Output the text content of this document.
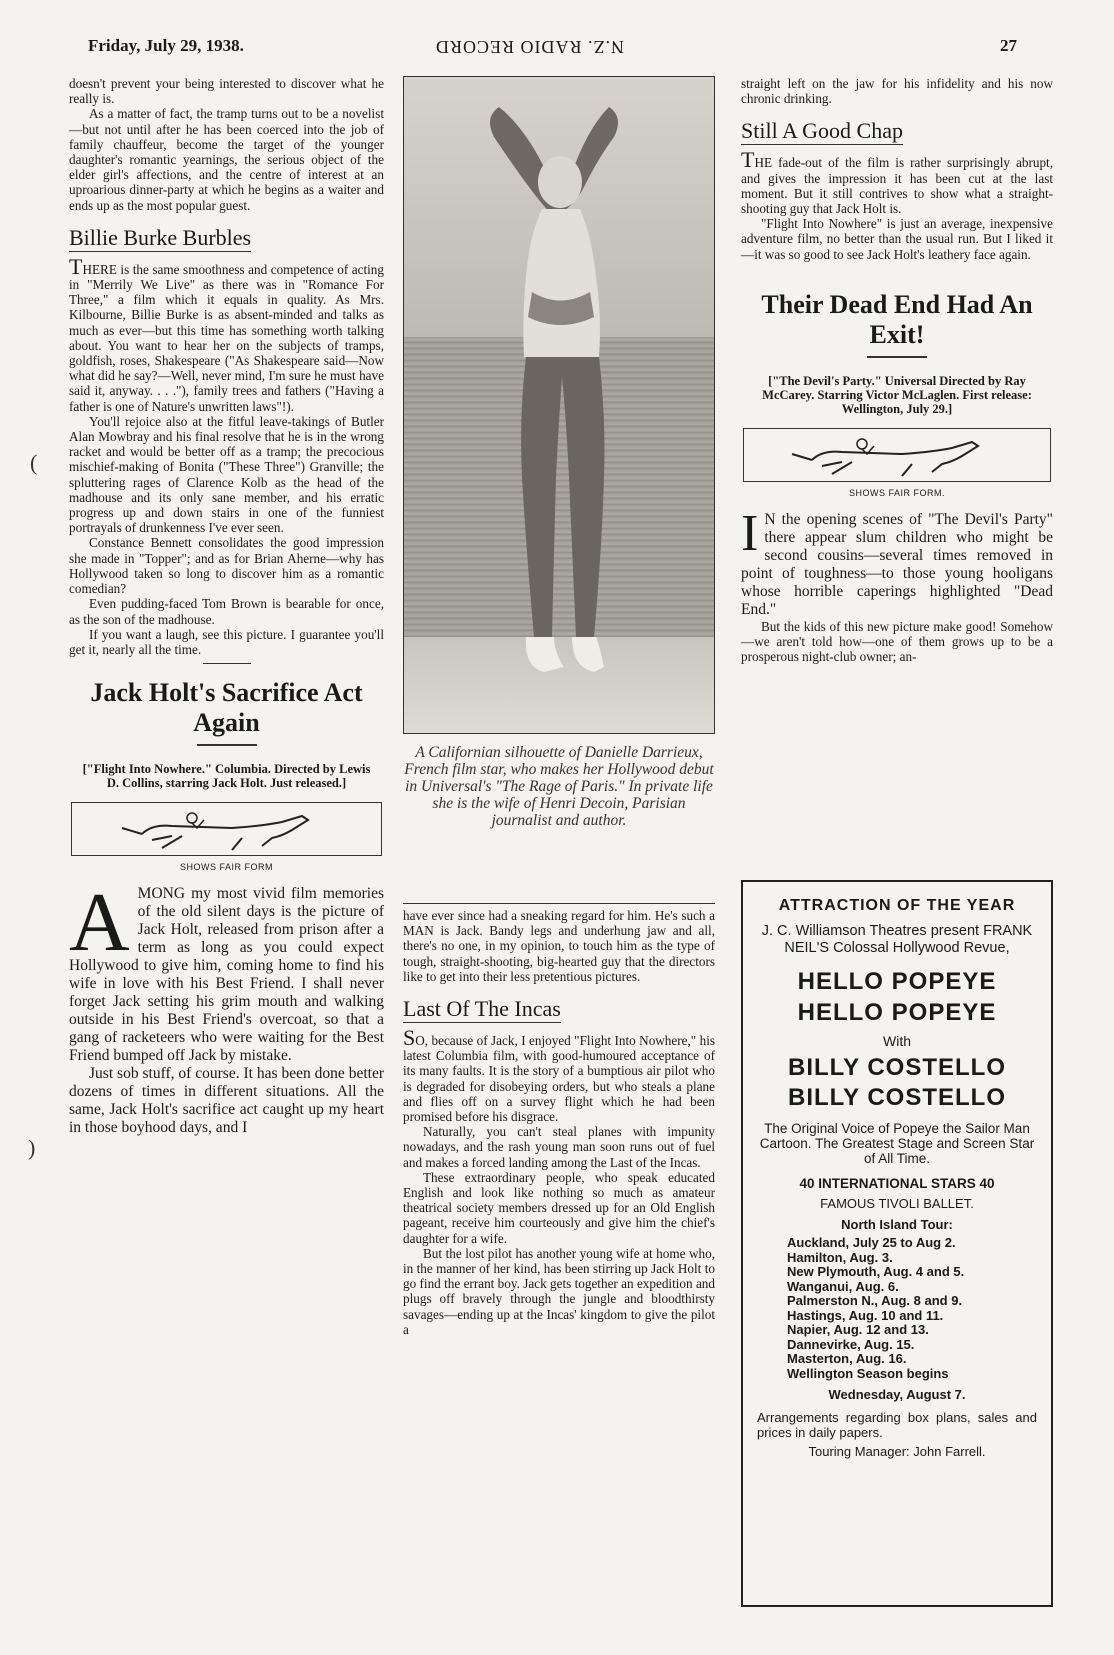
Friday, July 29, 1938.	N.Z. RADIO RECORD	27
(
)

doesn't prevent your being interested to discover what he really is.

As a matter of fact, the tramp turns out to be a novelist—but not until after he has been coerced into the job of family chauffeur, become the target of the younger daughter's romantic yearnings, the serious object of the elder girl's affections, and the centre of interest at an uproarious dinner-party at which he begins as a waiter and ends up as the most popular guest.

Billie Burke Burbles

THERE is the same smoothness and competence of acting in "Merrily We Live" as there was in "Romance For Three," a film which it equals in quality. As Mrs. Kilbourne, Billie Burke is as absent-minded and talks as much as ever—but this time has something worth talking about. You want to hear her on the subjects of tramps, goldfish, roses, Shakespeare ("As Shakespeare said—Now what did he say?—Well, never mind, I'm sure he must have said it, anyway. . . ."), family trees and fathers ("Having a father is one of Nature's unwritten laws"!).

You'll rejoice also at the fitful leave-takings of Butler Alan Mowbray and his final resolve that he is in the wrong racket and would be better off as a tramp; the precocious mischief-making of Bonita ("These Three") Granville; the spluttering rages of Clarence Kolb as the head of the madhouse and its only sane member, and his erratic progress up and down stairs in one of the funniest portrayals of drunkenness I've ever seen.

Constance Bennett consolidates the good impression she made in "Topper"; and as for Brian Aherne—why has Hollywood taken so long to discover him as a romantic comedian?

Even pudding-faced Tom Brown is bearable for once, as the son of the madhouse.

If you want a laugh, see this picture. I guarantee you'll get it, nearly all the time.

Jack Holt's Sacrifice Act Again
["Flight Into Nowhere." Columbia. Directed by Lewis D. Collins, starring Jack Holt. Just released.]
SHOWS FAIR FORM

AMONG my most vivid film memories of the old silent days is the picture of Jack Holt, released from prison after a term as long as you could expect Hollywood to give him, coming home to find his wife in love with his Best Friend. I shall never forget Jack setting his grim mouth and walking outside in his Best Friend's overcoat, so that a gang of racketeers who were waiting for the Best Friend bumped off Jack by mistake.

Just sob stuff, of course. It has been done better dozens of times in different situations. All the same, Jack Holt's sacrifice act caught up my heart in those boyhood days, and I

A Californian silhouette of Danielle Darrieux, French film star, who makes her Hollywood debut in Universal's "The Rage of Paris." In private life she is the wife of Henri Decoin, Parisian journalist and author.

have ever since had a sneaking regard for him. He's such a MAN is Jack. Bandy legs and underhung jaw and all, there's no one, in my opinion, to touch him as the type of tough, straight-shooting, big-hearted guy that the directors like to get into their less pretentious pictures.

Last Of The Incas

SO, because of Jack, I enjoyed "Flight Into Nowhere," his latest Columbia film, with good-humoured acceptance of its many faults. It is the story of a bumptious air pilot who is degraded for disobeying orders, but who steals a plane and flies off on a survey flight which he had been promised before his disgrace.

Naturally, you can't steal planes with impunity nowadays, and the rash young man soon runs out of fuel and makes a forced landing among the Last of the Incas.

These extraordinary people, who speak educated English and look like nothing so much as amateur theatrical society members dressed up for an Old English pageant, receive him courteously and give him the chief's daughter for a wife.

But the lost pilot has another young wife at home who, in the manner of her kind, has been stirring up Jack Holt to go find the errant boy. Jack gets together an expedition and plugs off bravely through the jungle and bloodthirsty savages—ending up at the Incas' kingdom to give the pilot a

straight left on the jaw for his infidelity and his now chronic drinking.

Still A Good Chap

THE fade-out of the film is rather surprisingly abrupt, and gives the impression it has been cut at the last moment. But it still contrives to show what a straight-shooting guy that Jack Holt is.

"Flight Into Nowhere" is just an average, inexpensive adventure film, no better than the usual run. But I liked it—it was so good to see Jack Holt's leathery face again.

Their Dead End Had An Exit!
["The Devil's Party." Universal Directed by Ray McCarey. Starring Victor McLaglen. First release: Wellington, July 29.]
SHOWS FAIR FORM.

I N the opening scenes of "The Devil's Party" there appear slum children who might be second cousins—several times removed in point of toughness—to those young hooligans whose horrible caperings highlighted "Dead End."

But the kids of this new picture make good! Somehow—we aren't told how—one of them grows up to be a prosperous night-club owner; an-

ATTRACTION OF THE YEAR
J. C. Williamson Theatres present FRANK NEIL'S Colossal Hollywood Revue,
HELLO POPEYE
HELLO POPEYE
With
BILLY COSTELLO
BILLY COSTELLO
The Original Voice of Popeye the Sailor Man Cartoon. The Greatest Stage and Screen Star of All Time.
40 INTERNATIONAL STARS 40
FAMOUS TIVOLI BALLET.
North Island Tour:
Auckland, July 25 to Aug 2.
Hamilton, Aug. 3.
New Plymouth, Aug. 4 and 5.
Wanganui, Aug. 6.
Palmerston N., Aug. 8 and 9.
Hastings, Aug. 10 and 11.
Napier, Aug. 12 and 13.
Dannevirke, Aug. 15.
Masterton, Aug. 16.
Wellington Season begins
Wednesday, August 7.
Arrangements regarding box plans, sales and prices in daily papers.
Touring Manager: John Farrell.
